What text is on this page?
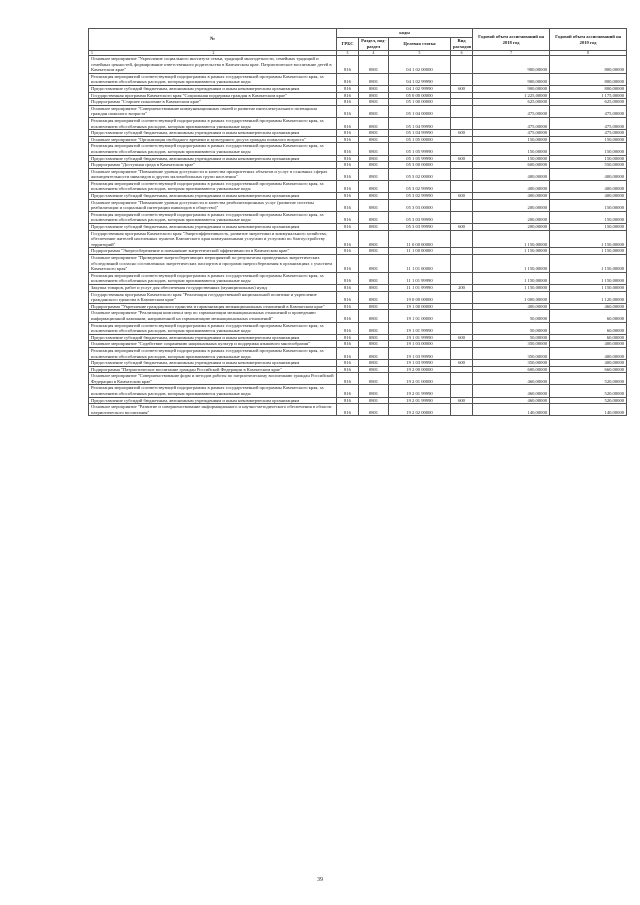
№	коды				Годовой объем ассигнований на 2018 год	Годовой объем ассигнований на 2019 год
	ГРБС	Раздел, под-раздел	Целевая статья	Вид расходов		

1 2	3	4	5	6	7	8
Основное мероприятие "Укрепление социального института семьи, традиций многодетности, семейных традиций и семейных ценностей, формирование ответственного родительства в Камчатском крае. Патриотическое воспитание детей в Камчатском крае"	816	0801	04 1 02 00000		900,00000	800,00000
Реализация мероприятий соответствующей подпрограммы в рамках государственной программы Камчатского края, за исключением обособленных расходов, которым присваиваются уникальные коды	816	0801	04 1 02 99990		900,00000	800,00000
Предоставление субсидий бюджетным, автономным учреждениям и иным некоммерческим организациям	816	0801	04 1 02 99990	600	900,00000	800,00000
Государственная программа Камчатского края "Социальная поддержка граждан в Камчатском крае"	816	0801	05 0 00 00000		1 225,00000	1 175,00000
Подпрограмма "Старшее поколение в Камчатском крае"	816	0801	05 1 00 00000		625,00000	625,00000
Основное мероприятие "Совершенствование коммуникационных связей и развитие интеллектуального потенциала граждан пожилого возраста"	816	0801	05 1 04 00000		475,00000	475,00000
Реализация мероприятий соответствующей подпрограммы в рамках государственной программы Камчатского края, за исключением обособленных расходов, которым присваиваются уникальные коды	816	0801	05 1 04 99990		475,00000	475,00000
Предоставление субсидий бюджетным, автономным учреждениям и иным некоммерческим организациям	816	0801	05 1 04 99990	600	475,00000	475,00000
Основное мероприятие "Организация свободного времени и культурного досуга граждан пожилого возраста"	816	0801	05 1 05 00000		150,00000	150,00000
Реализация мероприятий соответствующей подпрограммы в рамках государственной программы Камчатского края, за исключением обособленных расходов, которым присваиваются уникальные коды	816	0801	05 1 05 99990		150,00000	150,00000
Предоставление субсидий бюджетным, автономным учреждениям и иным некоммерческим организациям	816	0801	05 1 05 99990	600	150,00000	150,00000
Подпрограмма "Доступная среда в Камчатском крае"	816	0801	05 3 00 00000		600,00000	550,00000
Основное мероприятие "Повышение уровня доступности и качества приоритетных объектов и услуг в основных сферах жизнедеятельности инвалидов и других маломобильных групп населения"	816	0801	05 3 02 00000		400,00000	400,00000
Реализация мероприятий соответствующей подпрограммы в рамках государственной программы Камчатского края, за исключением обособленных расходов, которым присваиваются уникальные коды	816	0801	05 3 02 99990		400,00000	400,00000
Предоставление субсидий бюджетным, автономным учреждениям и иным некоммерческим организациям	816	0801	05 3 02 99990	600	400,00000	400,00000
Основное мероприятие "Повышение уровня доступности и качества реабилитационных услуг (развитие системы реабилитации и социальной интеграции инвалидов в общество)"	816	0801	05 3 03 00000		200,00000	150,00000
Реализация мероприятий соответствующей подпрограммы в рамках государственной программы Камчатского края, за исключением обособленных расходов, которым присваиваются уникальные коды	816	0801	05 3 03 99990		200,00000	150,00000
Предоставление субсидий бюджетным, автономным учреждениям и иным некоммерческим организациям	816	0801	05 3 03 99990	600	200,00000	150,00000
Государственная программа Камчатского края "Энергоэффективность, развитие энергетики и коммунального хозяйства, обеспечение жителей населенных пунктов Камчатского края коммунальными услугами и услугами по благоустройству территорий"	816	0801	11 0 00 00000		1 150,00000	1 150,00000
Подпрограмма "Энергосбережение и повышение энергетической эффективности в Камчатском крае"	816	0801	11 1 00 00000		1 150,00000	1 150,00000
Основное мероприятие "Проведение энергосберегающих мероприятий по результатам проведенных энергетических обследований согласно составленных энергетических паспортов и программ энергосбережения в организациях с участием Камчатского края"	816	0801	11 1 01 00000		1 150,00000	1 150,00000
Реализация мероприятий соответствующей подпрограммы в рамках государственной программы Камчатского края, за исключением обособленных расходов, которым присваиваются уникальные коды	816	0801	11 1 01 99990		1 150,00000	1 150,00000
Закупка товаров, работ и услуг для обеспечения государственных (муниципальных) нужд	816	0801	11 1 01 99990	200	1 150,00000	1 150,00000
Государственная программа Камчатского края "Реализация государственной национальной политики и укрепление гражданского единства в Камчатском крае"	816	0801	19 0 00 00000		1 000,00000	1 120,00000
Подпрограмма "Укрепление гражданского единства и гармонизация межнациональных отношений в Камчатском крае"	816	0801	19 1 00 00000		400,00000	460,00000
Основное мероприятие "Реализация комплекса мер по гармонизации межнациональных отношений и проведению информационной кампании, направленной на гармонизацию межнациональных отношений"	816	0801	19 1 01 00000		50,00000	60,00000
Реализация мероприятий соответствующей подпрограммы в рамках государственной программы Камчатского края, за исключением обособленных расходов, которым присваиваются уникальные коды	816	0801	19 1 01 99990		50,00000	60,00000
Предоставление субсидий бюджетным, автономным учреждениям и иным некоммерческим организациям	816	0801	19 1 01 99990	600	50,00000	60,00000
Основное мероприятие "Содействие сохранению национальных культур и поддержка языкового многообразия"	816	0801	19 1 03 00000		350,00000	400,00000
Реализация мероприятий соответствующей подпрограммы в рамках государственной программы Камчатского края, за исключением обособленных расходов, которым присваиваются уникальные коды	816	0801	19 1 03 99990		350,00000	400,00000
Предоставление субсидий бюджетным, автономным учреждениям и иным некоммерческим организациям	816	0801	19 1 03 99990	600	350,00000	400,00000
Подпрограмма "Патриотическое воспитание граждан Российской Федерации в Камчатском крае"	816	0801	19 2 00 00000		600,00000	660,00000
Основное мероприятие "Совершенствование форм и методов работы по патриотическому воспитанию граждан Российской Федерации в Камчатском крае"	816	0801	19 2 01 00000		460,00000	520,00000
Реализация мероприятий соответствующей подпрограммы в рамках государственной программы Камчатского края, за исключением обособленных расходов, которым присваиваются уникальные коды	816	0801	19 2 01 99990		460,00000	520,00000
Предоставление субсидий бюджетным, автономным учреждениям и иным некоммерческим организациям	816	0801	19 2 01 99990	600	460,00000	520,00000
Основное мероприятие "Развитие и совершенствование информационного и научно-методического обеспечения в области патриотического воспитания"	816	0801	19 2 02 00000		140,00000	140,00000
39
